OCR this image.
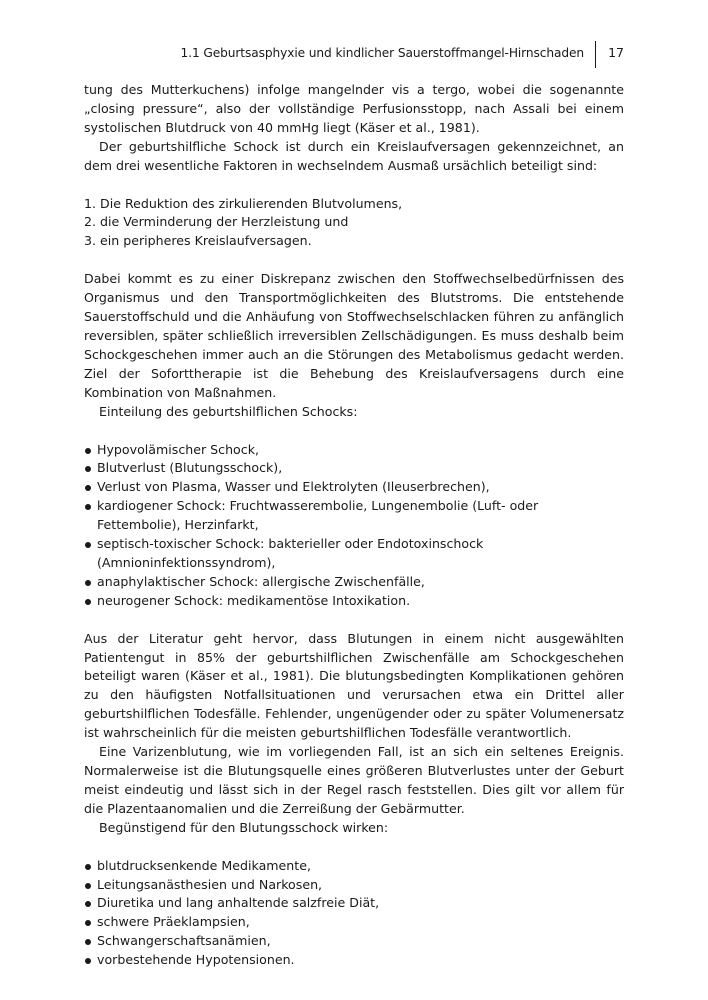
1.1 Geburtsasphyxie und kindlicher Sauerstoffmangel-Hirnschaden 17

tung des Mutterkuchens) infolge mangelnder vis a tergo, wobei die sogenannte „closing pressure“, also der vollständige Perfusionsstopp, nach Assali bei einem systolischen Blutdruck von 40 mmHg liegt (Käser et al., 1981).

Der geburtshilfliche Schock ist durch ein Kreislaufversagen gekennzeichnet, an dem drei wesentliche Faktoren in wechselndem Ausmaß ursächlich beteiligt sind:

1. Die Reduktion des zirkulierenden Blutvolumens,
2. die Verminderung der Herzleistung und
3. ein peripheres Kreislaufversagen.

Dabei kommt es zu einer Diskrepanz zwischen den Stoffwechselbedürfnissen des Organismus und den Transportmöglichkeiten des Blutstroms. Die entstehende Sauerstoffschuld und die Anhäufung von Stoffwechselschlacken führen zu anfänglich reversiblen, später schließlich irreversiblen Zellschädigungen. Es muss deshalb beim Schockgeschehen immer auch an die Störungen des Metabolismus gedacht werden. Ziel der Soforttherapie ist die Behebung des Kreislaufversagens durch eine Kombination von Maßnahmen.

Einteilung des geburtshilflichen Schocks:

Hypovolämischer Schock,
Blutverlust (Blutungsschock),
Verlust von Plasma, Wasser und Elektrolyten (Ileuserbrechen),
kardiogener Schock: Fruchtwasserembolie, Lungenembolie (Luft- oder Fettembolie), Herzinfarkt,
septisch-toxischer Schock: bakterieller oder Endotoxinschock (Amnioninfektionssyndrom),
anaphylaktischer Schock: allergische Zwischenfälle,
neurogener Schock: medikamentöse Intoxikation.

Aus der Literatur geht hervor, dass Blutungen in einem nicht ausgewählten Patientengut in 85% der geburtshilflichen Zwischenfälle am Schockgeschehen beteiligt waren (Käser et al., 1981). Die blutungsbedingten Komplikationen gehören zu den häufigsten Notfallsituationen und verursachen etwa ein Drittel aller geburtshilflichen Todesfälle. Fehlender, ungenügender oder zu später Volumenersatz ist wahrscheinlich für die meisten geburtshilflichen Todesfälle verantwortlich.

Eine Varizenblutung, wie im vorliegenden Fall, ist an sich ein seltenes Ereignis. Normalerweise ist die Blutungsquelle eines größeren Blutverlustes unter der Geburt meist eindeutig und lässt sich in der Regel rasch feststellen. Dies gilt vor allem für die Plazentaanomalien und die Zerreißung der Gebärmutter.

Begünstigend für den Blutungsschock wirken:

blutdrucksenkende Medikamente,
Leitungsanästhesien und Narkosen,
Diuretika und lang anhaltende salzfreie Diät,
schwere Präeklampsien,
Schwangerschaftsanämien,
vorbestehende Hypotensionen.
